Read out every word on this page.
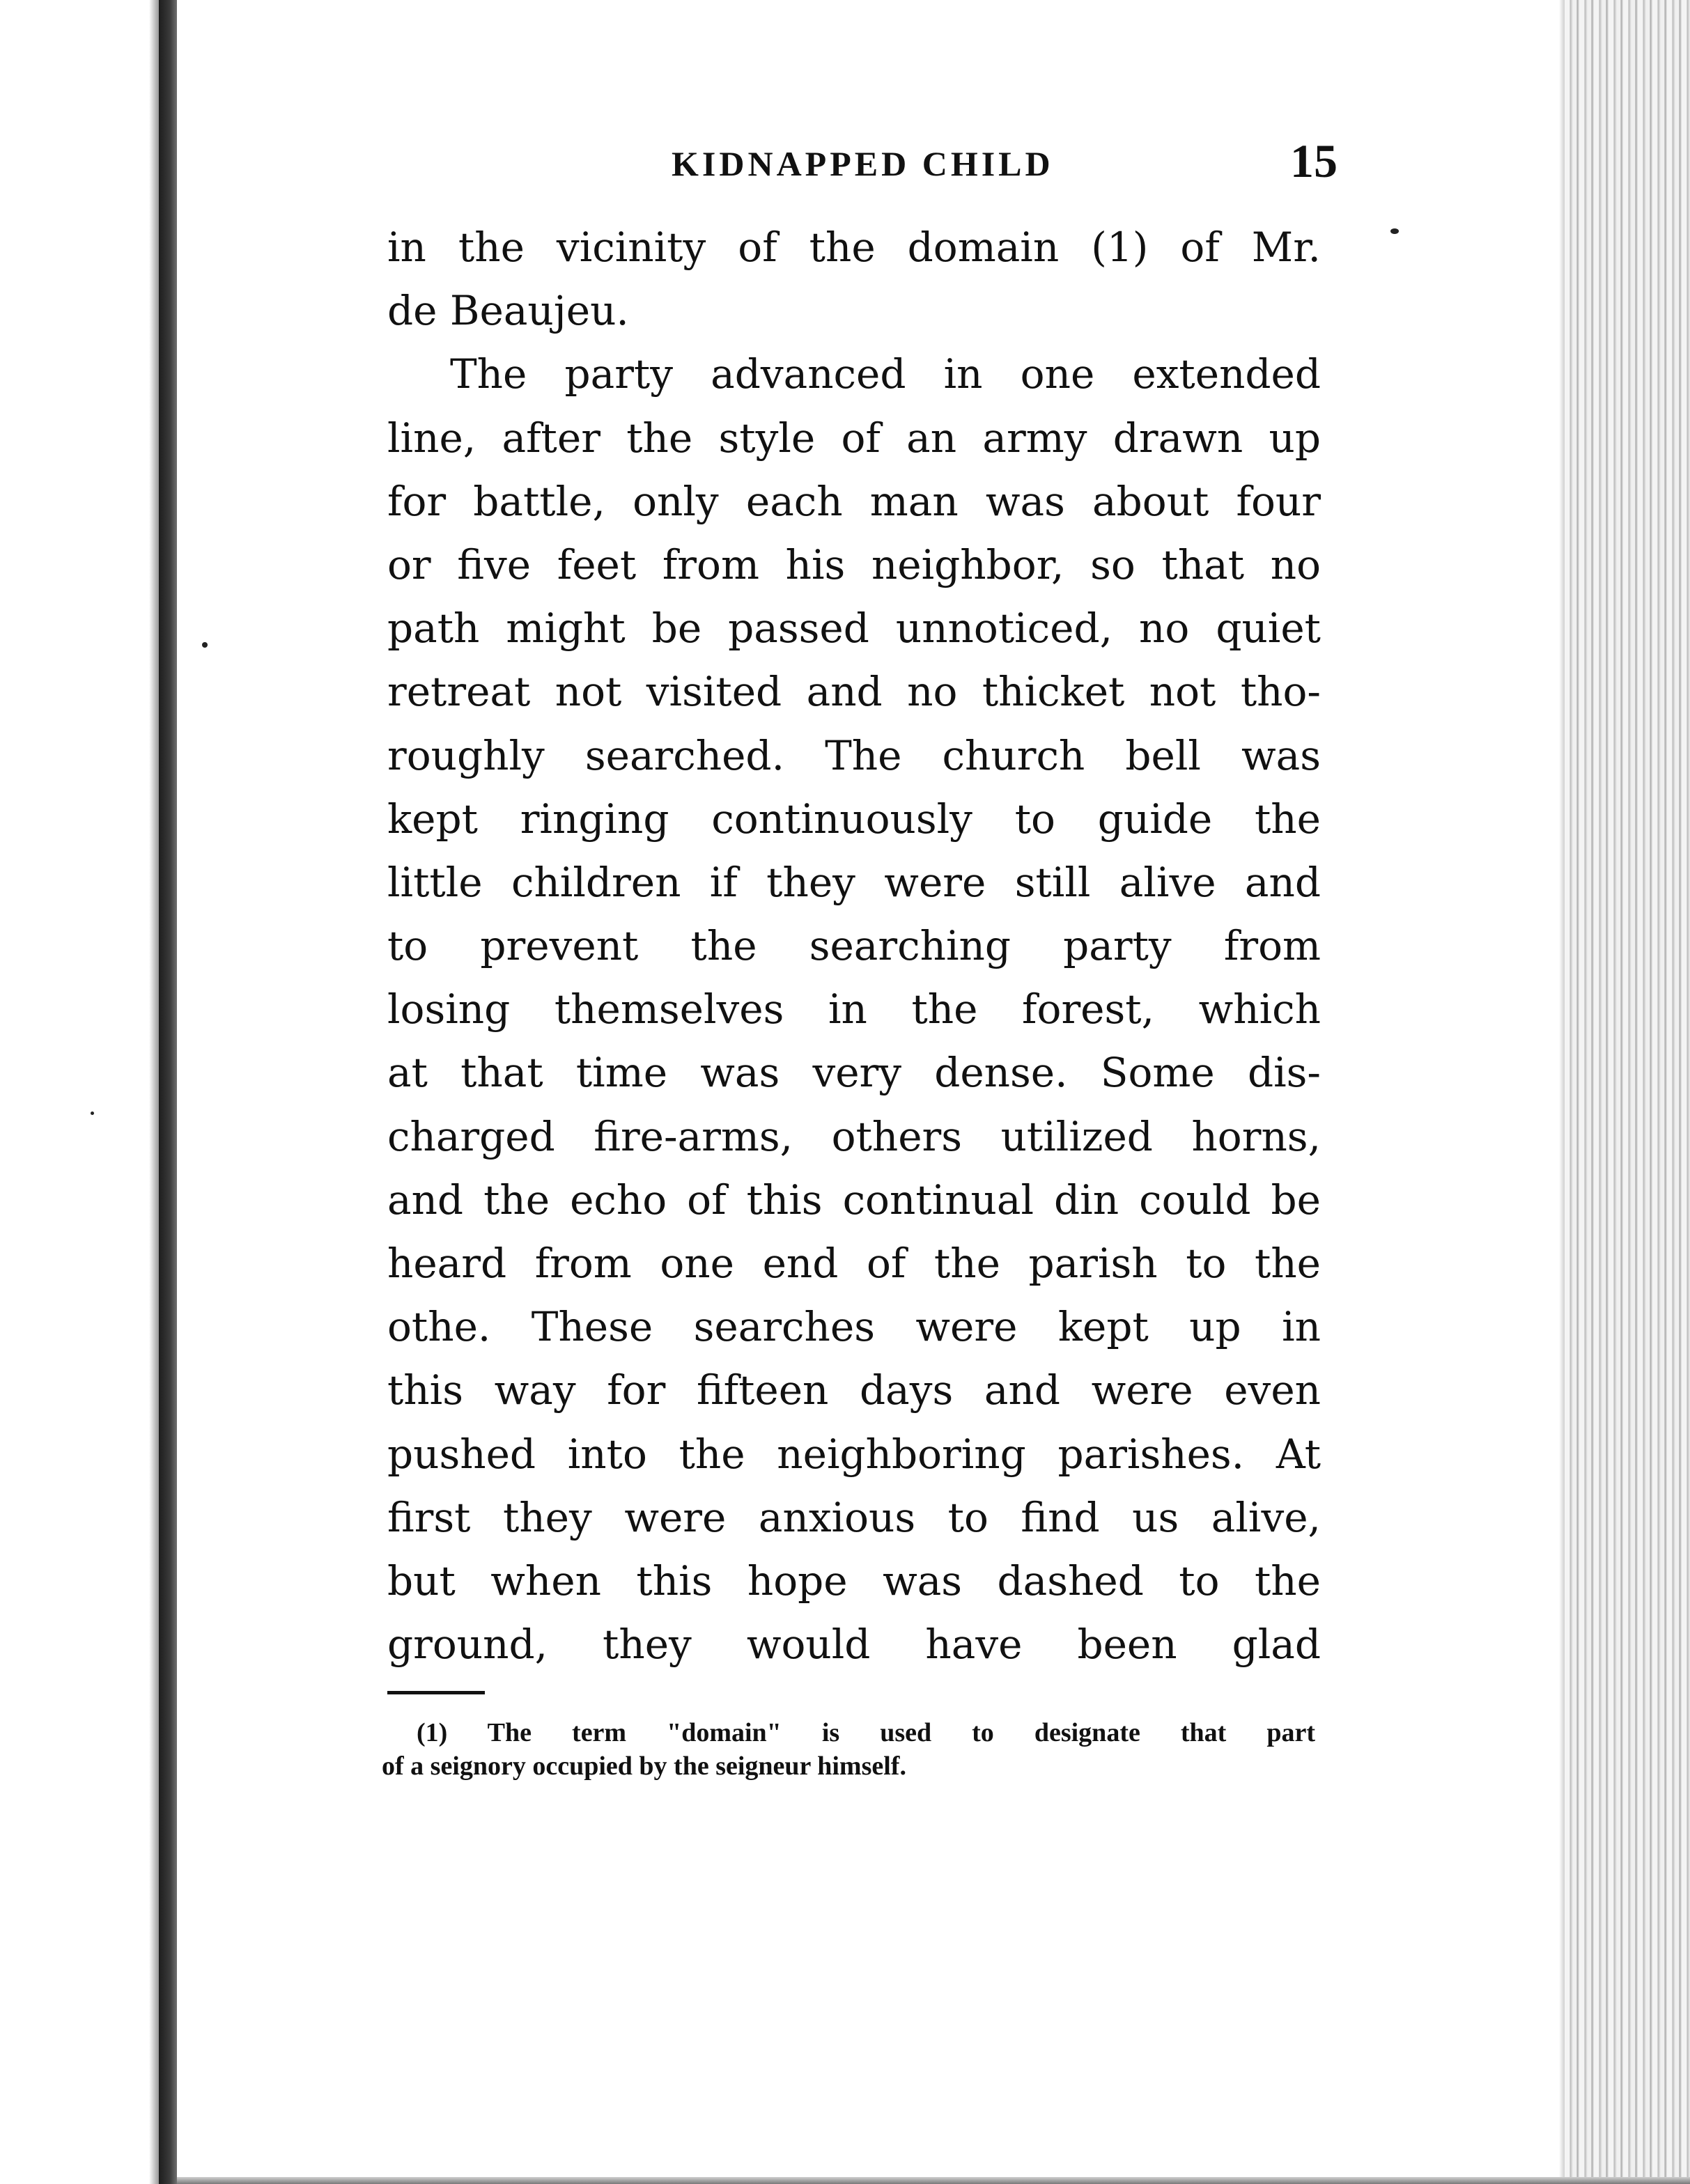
KIDNAPPED CHILD	15
in the vicinity of the domain (1) of Mr.
de Beaujeu.
The party advanced in one extended
line, after the style of an army drawn up
for battle, only each man was about four
or five feet from his neighbor, so that no
path might be passed unnoticed, no quiet
retreat not visited and no thicket not tho-
roughly searched. The church bell was
kept ringing continuously to guide the
little children if they were still alive and
to prevent the searching party from
losing themselves in the forest, which
at that time was very dense. Some dis-
charged fire-arms, others utilized horns,
and the echo of this continual din could be
heard from one end of the parish to the
othe. These searches were kept up in
this way for fifteen days and were even
pushed into the neighboring parishes. At
first they were anxious to find us alive,
but when this hope was dashed to the
ground, they would have been glad
(1) The term "domain" is used to designate that part
of a seignory occupied by the seigneur himself.
